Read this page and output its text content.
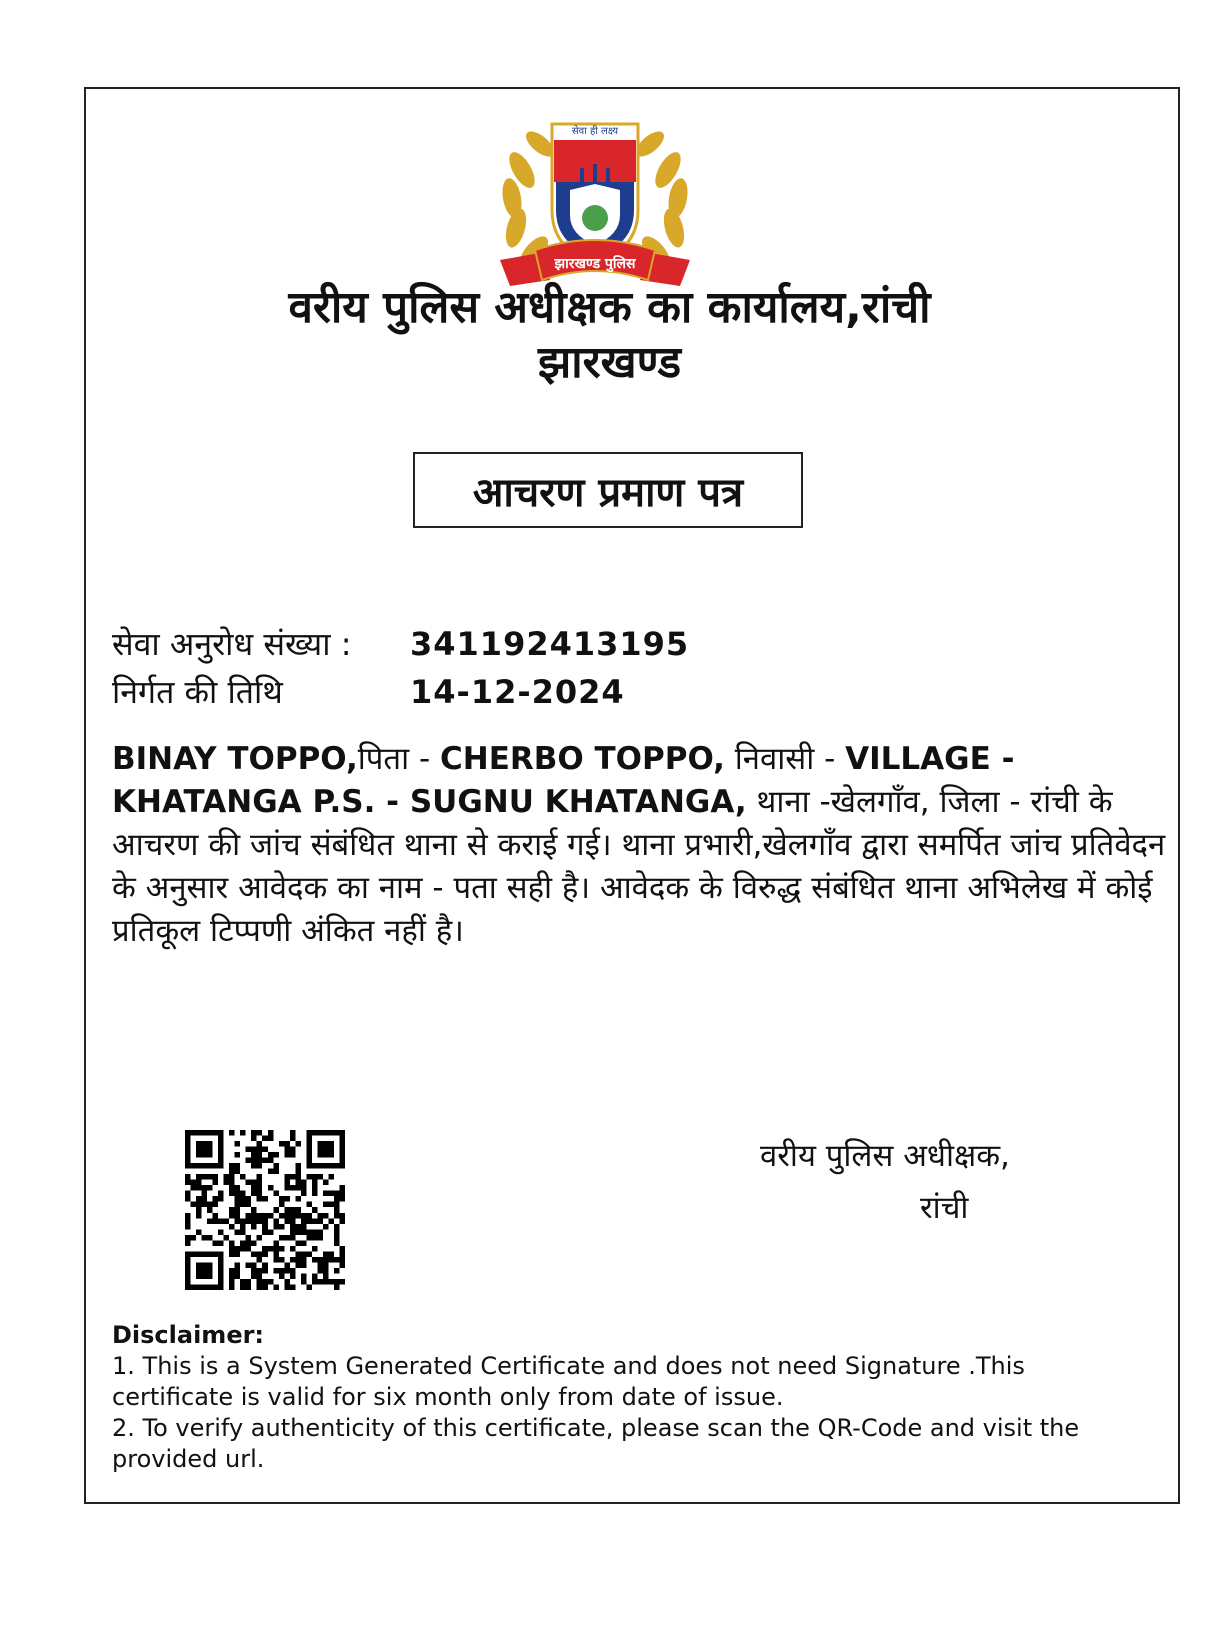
सेवा ही लक्ष्य
झारखण्ड पुलिस
वरीय पुलिस अधीक्षक का कार्यालय,रांची
झारखण्ड
आचरण प्रमाण पत्र
सेवा अनुरोध संख्या :	341192413195
निर्गत की तिथि	14-12-2024
BINAY TOPPO,पिता - CHERBO TOPPO, निवासी - VILLAGE - KHATANGA P.S. - SUGNU KHATANGA, थाना -खेलगाँव, जिला - रांची के आचरण की जांच संबंधित थाना से कराई गई। थाना प्रभारी,खेलगाँव द्वारा समर्पित जांच प्रतिवेदन के अनुसार आवेदक का नाम - पता सही है। आवेदक के विरुद्ध संबंधित थाना अभिलेख में कोई प्रतिकूल टिप्पणी अंकित नहीं है।
वरीय पुलिस अधीक्षक,
रांची
Disclaimer:
1. This is a System Generated Certificate and does not need Signature .This certificate is valid for six month only from date of issue.
2. To verify authenticity of this certificate, please scan the QR-Code and visit the provided url.
